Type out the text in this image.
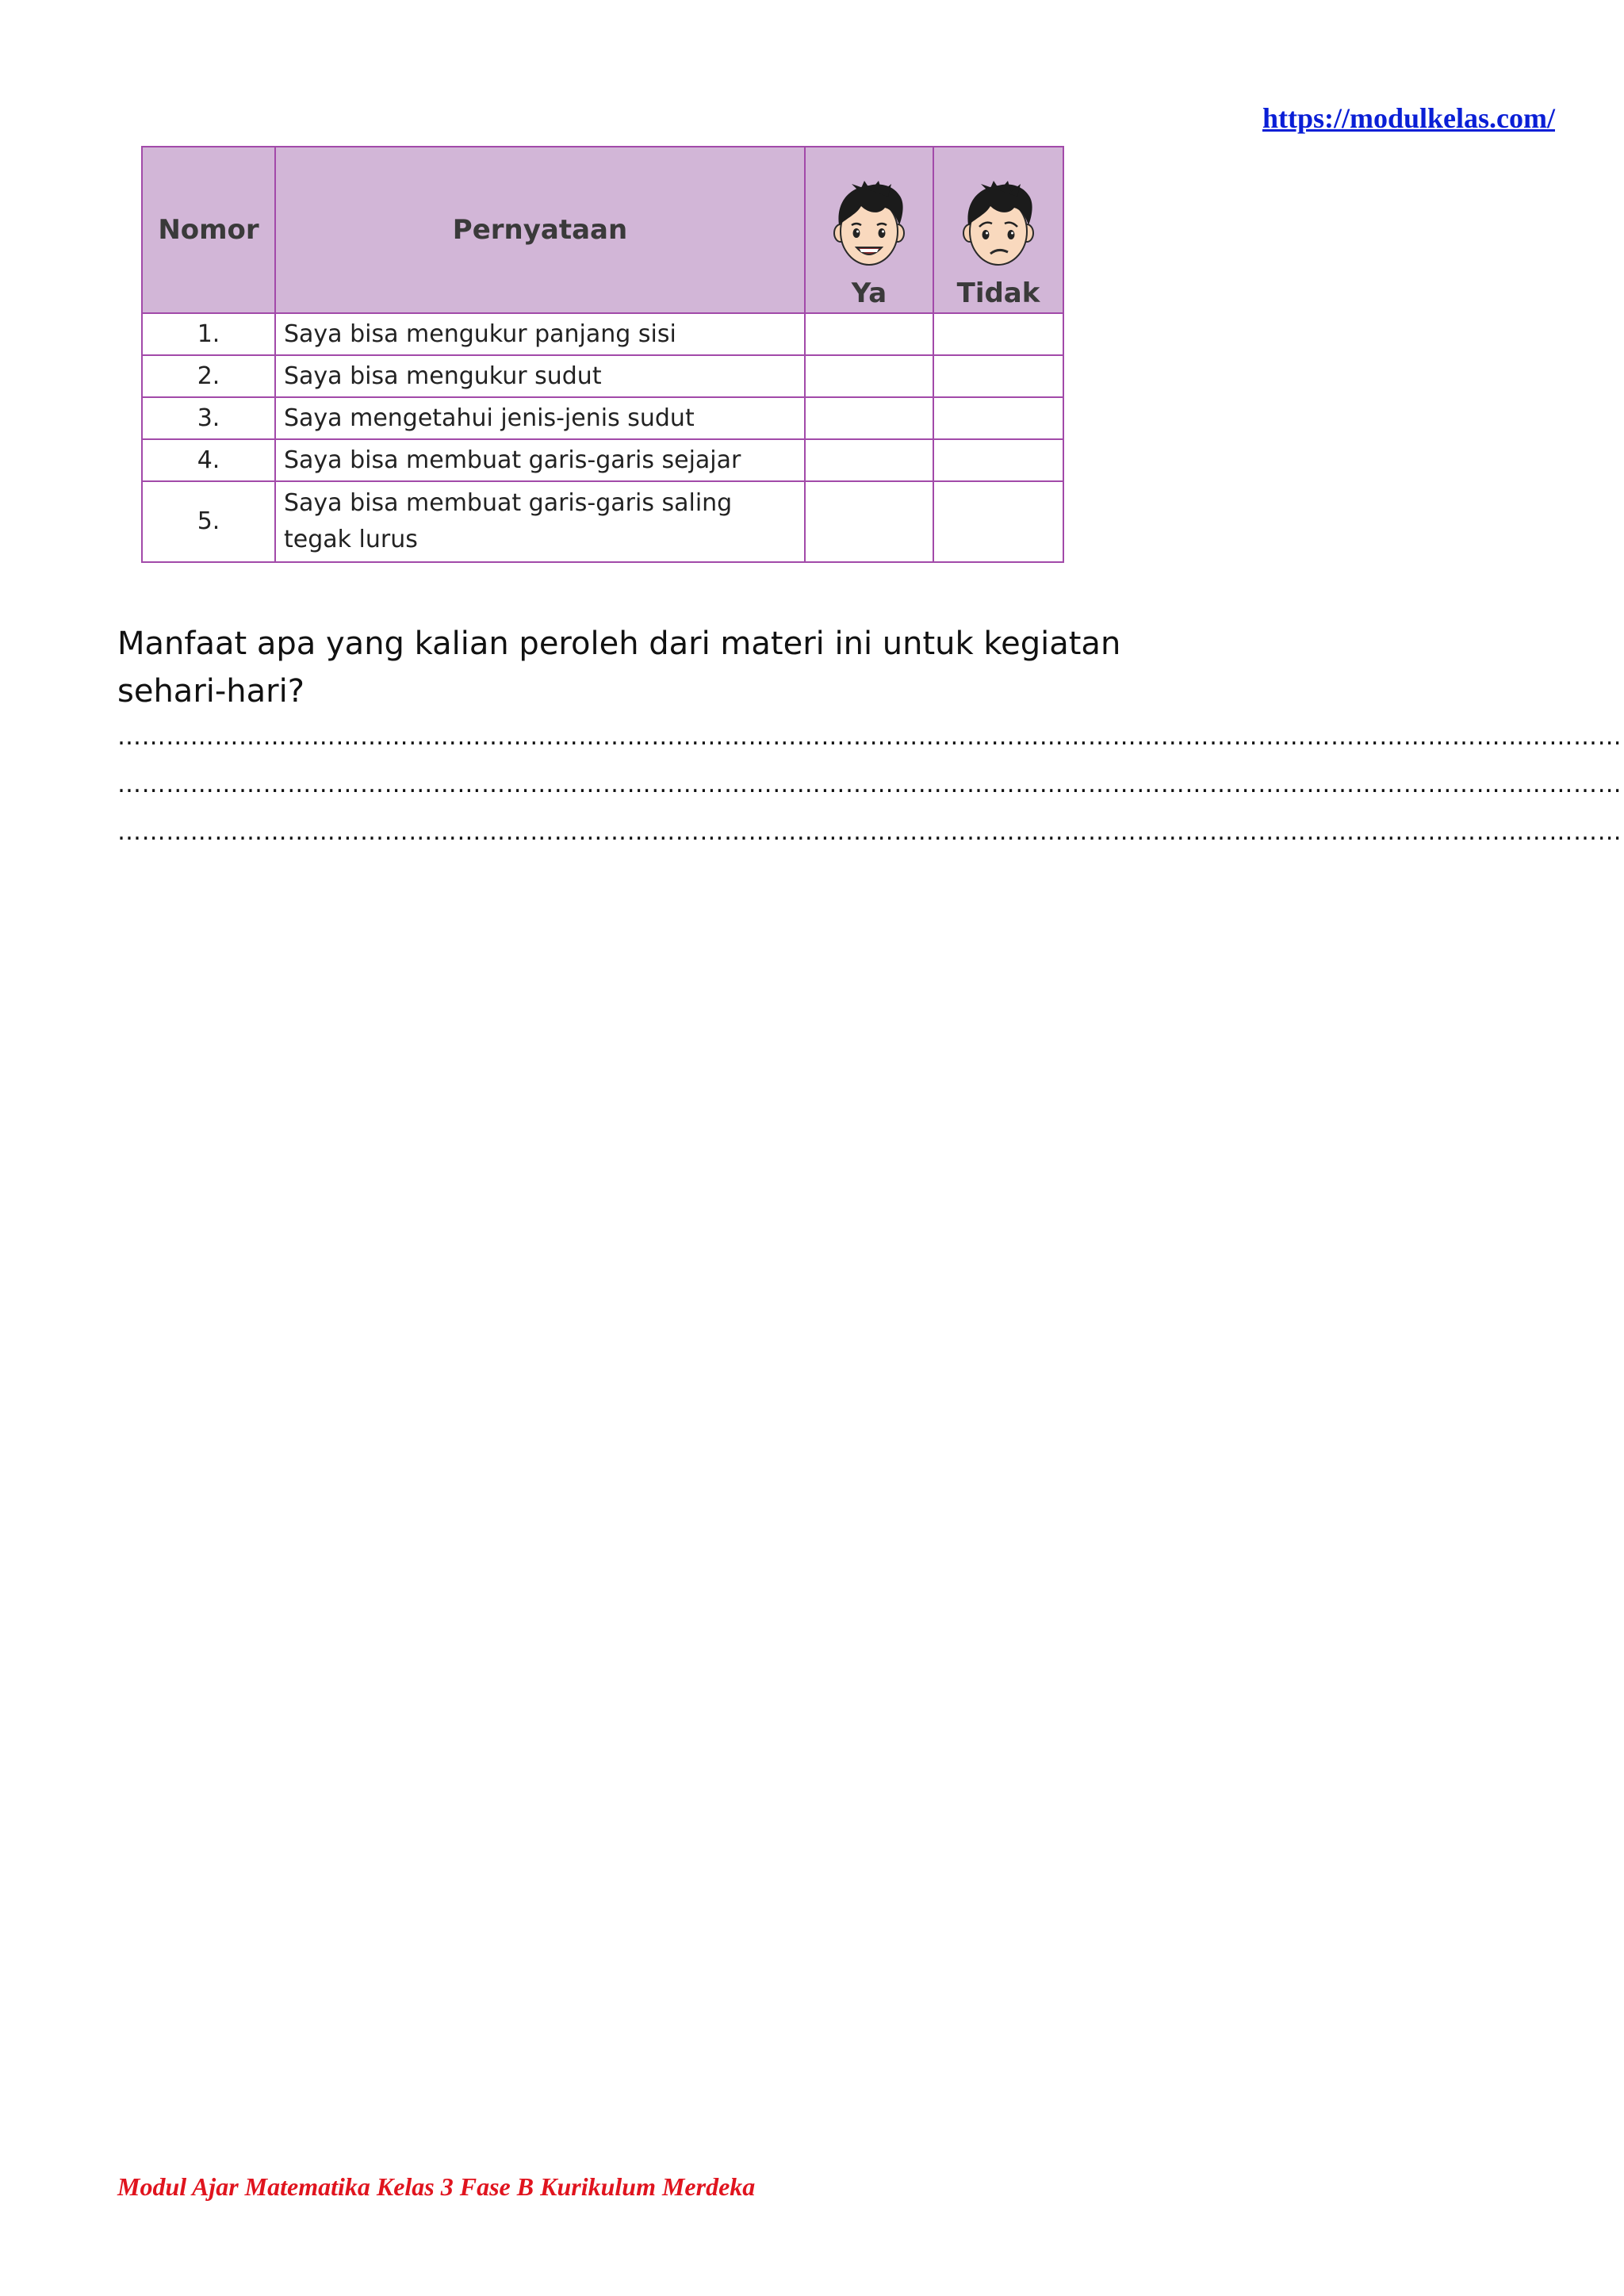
https://modulkelas.com/
Nomor	Pernyataan	Ya	Tidak

1.	Saya bisa mengukur panjang sisi		
2.	Saya bisa mengukur sudut		
3.	Saya mengetahui jenis-jenis sudut		
4.	Saya bisa membuat garis-garis sejajar		
5.	Saya bisa membuat garis-garis saling
tegak lurus		

Manfaat apa yang kalian peroleh dari materi ini untuk kegiatan
sehari-hari?
……………………………………………………………………………………………………………………………………………………………………
……………………………………………………………………………………………………………………………………………………………………
……………………………………………………………………………………………………………………………………………………………………
Modul Ajar Matematika Kelas 3 Fase B Kurikulum Merdeka
